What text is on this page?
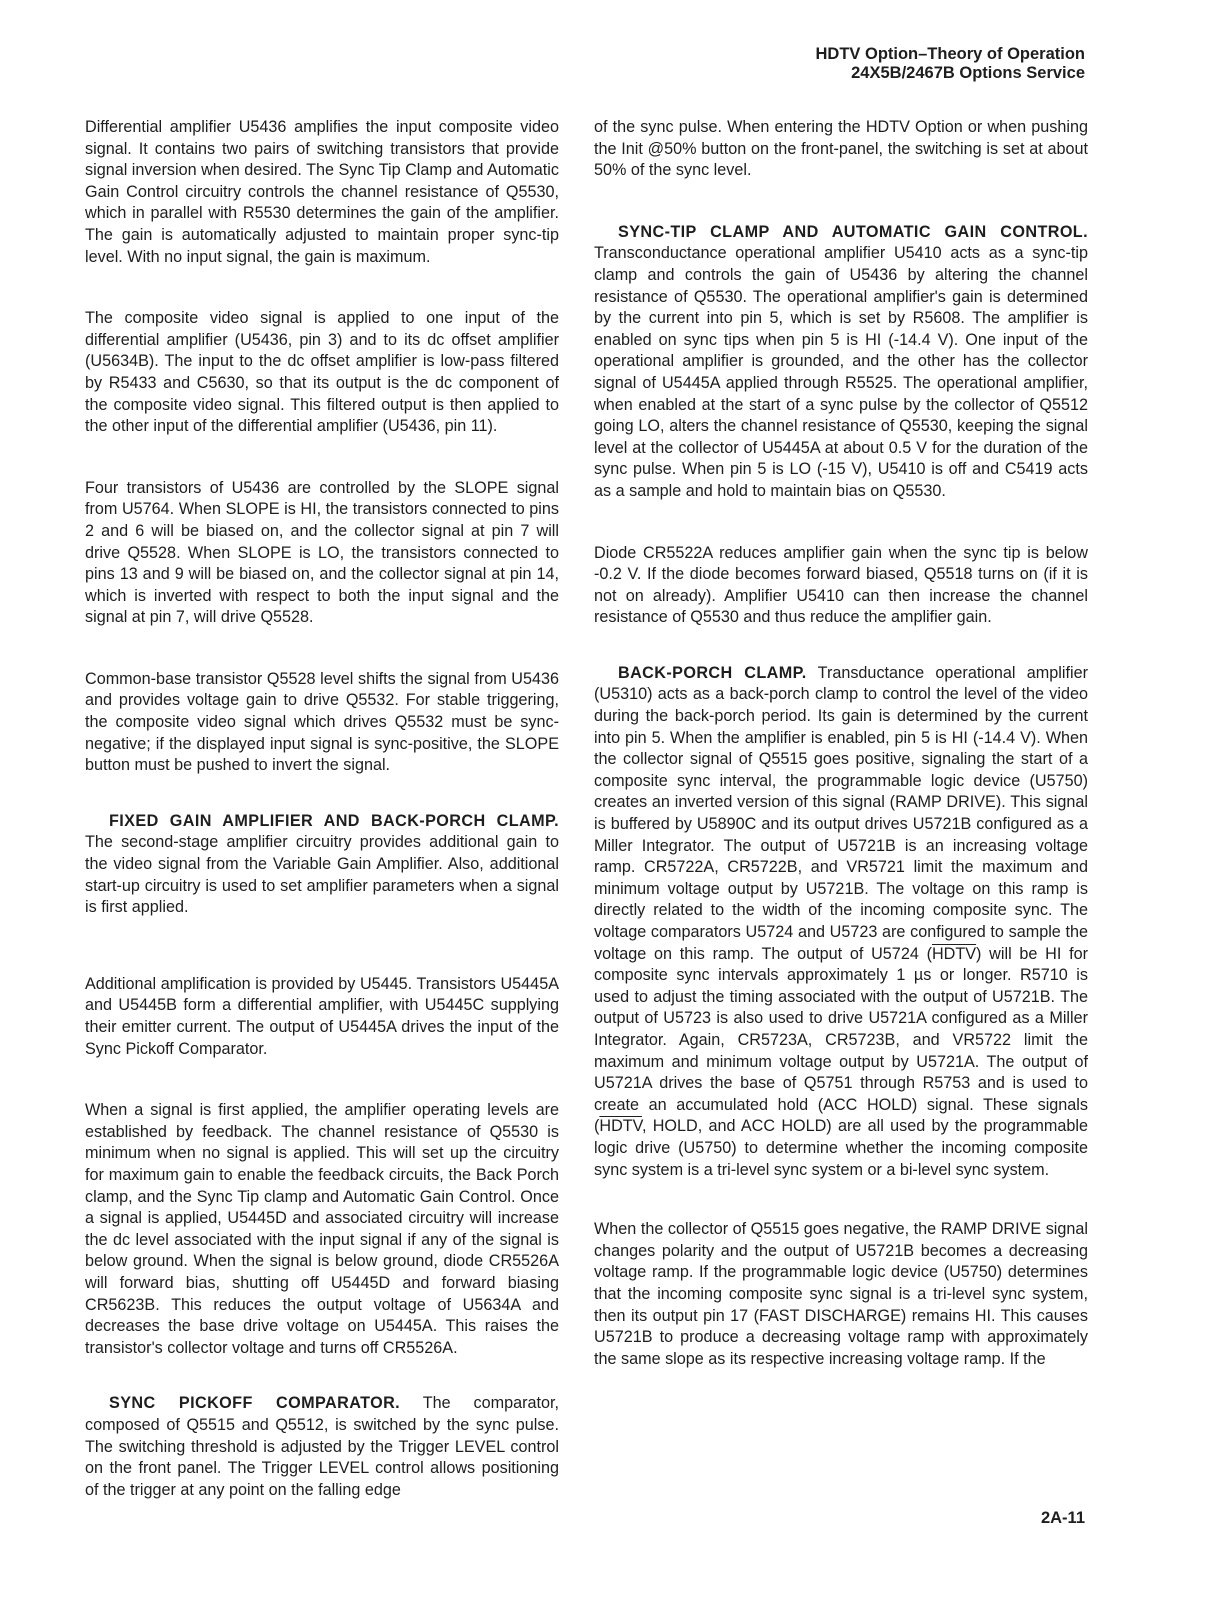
HDTV Option–Theory of Operation
24X5B/2467B Options Service

Differential amplifier U5436 amplifies the input composite video signal. It contains two pairs of switching transistors that provide signal inversion when desired. The Sync Tip Clamp and Automatic Gain Control circuitry controls the channel resistance of Q5530, which in parallel with R5530 determines the gain of the amplifier. The gain is automatically adjusted to maintain proper sync-tip level. With no input signal, the gain is maximum.

The composite video signal is applied to one input of the differential amplifier (U5436, pin 3) and to its dc offset amplifier (U5634B). The input to the dc offset amplifier is low-pass filtered by R5433 and C5630, so that its output is the dc component of the composite video signal. This filtered output is then applied to the other input of the differential amplifier (U5436, pin 11).

Four transistors of U5436 are controlled by the SLOPE signal from U5764. When SLOPE is HI, the transistors connected to pins 2 and 6 will be biased on, and the collector signal at pin 7 will drive Q5528. When SLOPE is LO, the transistors connected to pins 13 and 9 will be biased on, and the collector signal at pin 14, which is inverted with respect to both the input signal and the signal at pin 7, will drive Q5528.

Common-base transistor Q5528 level shifts the signal from U5436 and provides voltage gain to drive Q5532. For stable triggering, the composite video signal which drives Q5532 must be sync-negative; if the displayed input signal is sync-positive, the SLOPE button must be pushed to invert the signal.

FIXED GAIN AMPLIFIER AND BACK-PORCH CLAMP. The second-stage amplifier circuitry provides additional gain to the video signal from the Variable Gain Amplifier. Also, additional start-up circuitry is used to set amplifier parameters when a signal is first applied.

Additional amplification is provided by U5445. Transistors U5445A and U5445B form a differential amplifier, with U5445C supplying their emitter current. The output of U5445A drives the input of the Sync Pickoff Comparator.

When a signal is first applied, the amplifier operating levels are established by feedback. The channel resistance of Q5530 is minimum when no signal is applied. This will set up the circuitry for maximum gain to enable the feedback circuits, the Back Porch clamp, and the Sync Tip clamp and Automatic Gain Control. Once a signal is applied, U5445D and associated circuitry will increase the dc level associated with the input signal if any of the signal is below ground. When the signal is below ground, diode CR5526A will forward bias, shutting off U5445D and forward biasing CR5623B. This reduces the output voltage of U5634A and decreases the base drive voltage on U5445A. This raises the transistor's collector voltage and turns off CR5526A.

SYNC PICKOFF COMPARATOR. The comparator, composed of Q5515 and Q5512, is switched by the sync pulse. The switching threshold is adjusted by the Trigger LEVEL control on the front panel. The Trigger LEVEL control allows positioning of the trigger at any point on the falling edge

of the sync pulse. When entering the HDTV Option or when pushing the Init @50% button on the front-panel, the switching is set at about 50% of the sync level.

SYNC-TIP CLAMP AND AUTOMATIC GAIN CONTROL. Transconductance operational amplifier U5410 acts as a sync-tip clamp and controls the gain of U5436 by altering the channel resistance of Q5530. The operational amplifier's gain is determined by the current into pin 5, which is set by R5608. The amplifier is enabled on sync tips when pin 5 is HI (-14.4 V). One input of the operational amplifier is grounded, and the other has the collector signal of U5445A applied through R5525. The operational amplifier, when enabled at the start of a sync pulse by the collector of Q5512 going LO, alters the channel resistance of Q5530, keeping the signal level at the collector of U5445A at about 0.5 V for the duration of the sync pulse. When pin 5 is LO (-15 V), U5410 is off and C5419 acts as a sample and hold to maintain bias on Q5530.

Diode CR5522A reduces amplifier gain when the sync tip is below -0.2 V. If the diode becomes forward biased, Q5518 turns on (if it is not on already). Amplifier U5410 can then increase the channel resistance of Q5530 and thus reduce the amplifier gain.

BACK-PORCH CLAMP. Transductance operational amplifier (U5310) acts as a back-porch clamp to control the level of the video during the back-porch period. Its gain is determined by the current into pin 5. When the amplifier is enabled, pin 5 is HI (-14.4 V). When the collector signal of Q5515 goes positive, signaling the start of a composite sync interval, the programmable logic device (U5750) creates an inverted version of this signal (RAMP DRIVE). This signal is buffered by U5890C and its output drives U5721B configured as a Miller Integrator. The output of U5721B is an increasing voltage ramp. CR5722A, CR5722B, and VR5721 limit the maximum and minimum voltage output by U5721B. The voltage on this ramp is directly related to the width of the incoming composite sync. The voltage comparators U5724 and U5723 are configured to sample the voltage on this ramp. The output of U5724 (HDTV) will be HI for composite sync intervals approximately 1 µs or longer. R5710 is used to adjust the timing associated with the output of U5721B. The output of U5723 is also used to drive U5721A configured as a Miller Integrator. Again, CR5723A, CR5723B, and VR5722 limit the maximum and minimum voltage output by U5721A. The output of U5721A drives the base of Q5751 through R5753 and is used to create an accumulated hold (ACC HOLD) signal. These signals (HDTV, HOLD, and ACC HOLD) are all used by the programmable logic drive (U5750) to determine whether the incoming composite sync system is a tri-level sync system or a bi-level sync system.

When the collector of Q5515 goes negative, the RAMP DRIVE signal changes polarity and the output of U5721B becomes a decreasing voltage ramp. If the programmable logic device (U5750) determines that the incoming composite sync signal is a tri-level sync system, then its output pin 17 (FAST DISCHARGE) remains HI. This causes U5721B to produce a decreasing voltage ramp with approximately the same slope as its respective increasing voltage ramp. If the

2A-11
